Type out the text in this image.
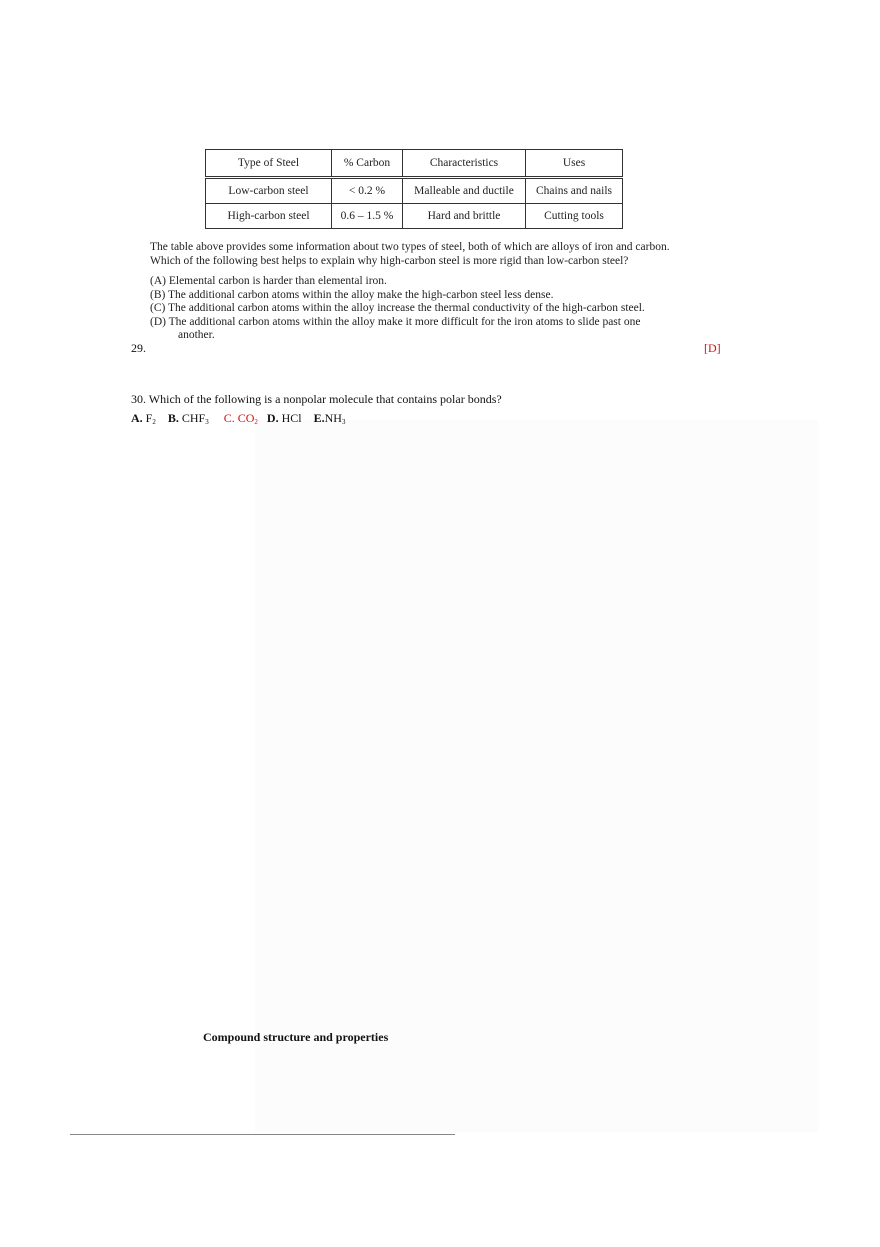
Type of Steel	% Carbon	Characteristics	Uses
Low-carbon steel	< 0.2 %	Malleable and ductile	Chains and nails
High-carbon steel	0.6 – 1.5 %	Hard and brittle	Cutting tools
The table above provides some information about two types of steel, both of which are alloys of iron and carbon.
Which of the following best helps to explain why high-carbon steel is more rigid than low-carbon steel?
(A) Elemental carbon is harder than elemental iron.
(B) The additional carbon atoms within the alloy make the high-carbon steel less dense.
(C) The additional carbon atoms within the alloy increase the thermal conductivity of the high-carbon steel.
(D) The additional carbon atoms within the alloy make it more difficult for the iron atoms to slide past one
another.
29.	[D]
30. Which of the following is a nonpolar molecule that contains polar bonds?
A. $F_2$ B. $CHF_3$ C. $CO_2$ D. HCl $E.NH_3$
Compound structure and properties
